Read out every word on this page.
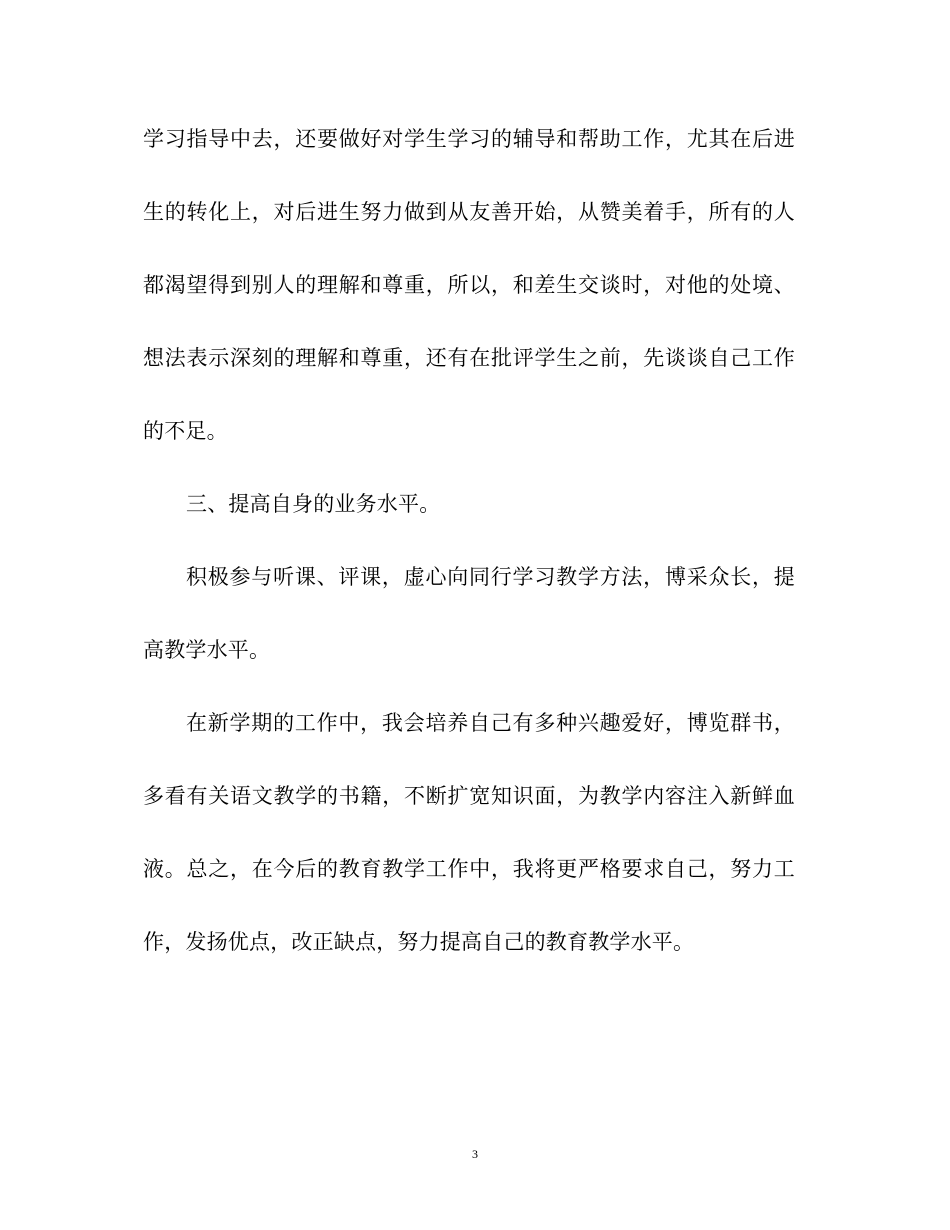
学习指导中去，还要做好对学生学习的辅导和帮助工作，尤其在后进
生的转化上，对后进生努力做到从友善开始，从赞美着手，所有的人
都渴望得到别人的理解和尊重，所以，和差生交谈时，对他的处境、
想法表示深刻的理解和尊重，还有在批评学生之前，先谈谈自己工作
的不足。
三、提高自身的业务水平。
积极参与听课、评课，虚心向同行学习教学方法，博采众长，提
高教学水平。
在新学期的工作中，我会培养自己有多种兴趣爱好，博览群书，
多看有关语文教学的书籍，不断扩宽知识面，为教学内容注入新鲜血
液。总之，在今后的教育教学工作中，我将更严格要求自己，努力工
作，发扬优点，改正缺点，努力提高自己的教育教学水平。
3
